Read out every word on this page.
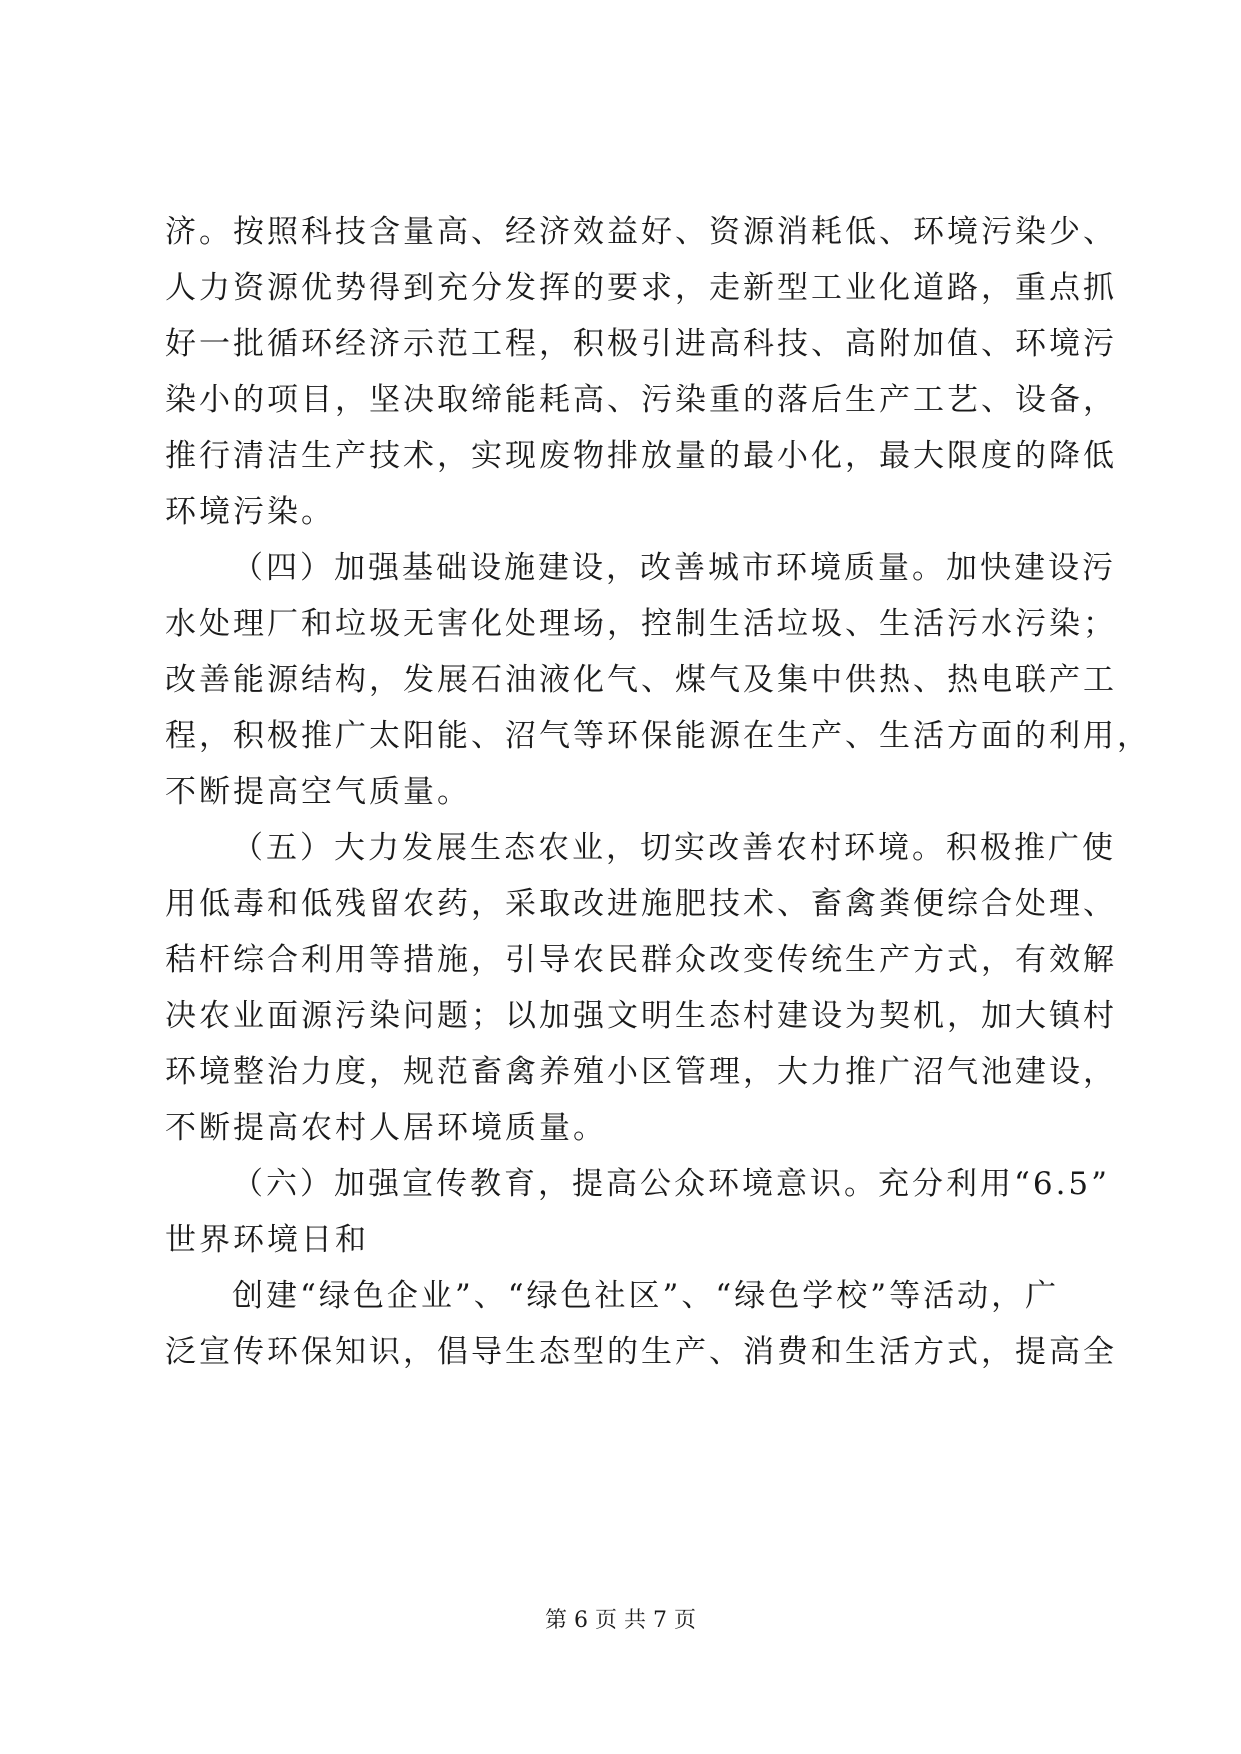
济。按照科技含量高、经济效益好、资源消耗低、环境污染少、
人力资源优势得到充分发挥的要求，走新型工业化道路，重点抓
好一批循环经济示范工程，积极引进高科技、高附加值、环境污
染小的项目，坚决取缔能耗高、污染重的落后生产工艺、设备，
推行清洁生产技术，实现废物排放量的最小化，最大限度的降低
环境污染。
（四）加强基础设施建设，改善城市环境质量。加快建设污
水处理厂和垃圾无害化处理场，控制生活垃圾、生活污水污染；
改善能源结构，发展石油液化气、煤气及集中供热、热电联产工
程，积极推广太阳能、沼气等环保能源在生产、生活方面的利用，
不断提高空气质量。
（五）大力发展生态农业，切实改善农村环境。积极推广使
用低毒和低残留农药，采取改进施肥技术、畜禽粪便综合处理、
秸杆综合利用等措施，引导农民群众改变传统生产方式，有效解
决农业面源污染问题；以加强文明生态村建设为契机，加大镇村
环境整治力度，规范畜禽养殖小区管理，大力推广沼气池建设，
不断提高农村人居环境质量。
（六）加强宣传教育，提高公众环境意识。充分利用“6.5”
世界环境日和
创建“绿色企业”、“绿色社区”、“绿色学校”等活动，广
泛宣传环保知识，倡导生态型的生产、消费和生活方式，提高全
第 6 页 共 7 页
